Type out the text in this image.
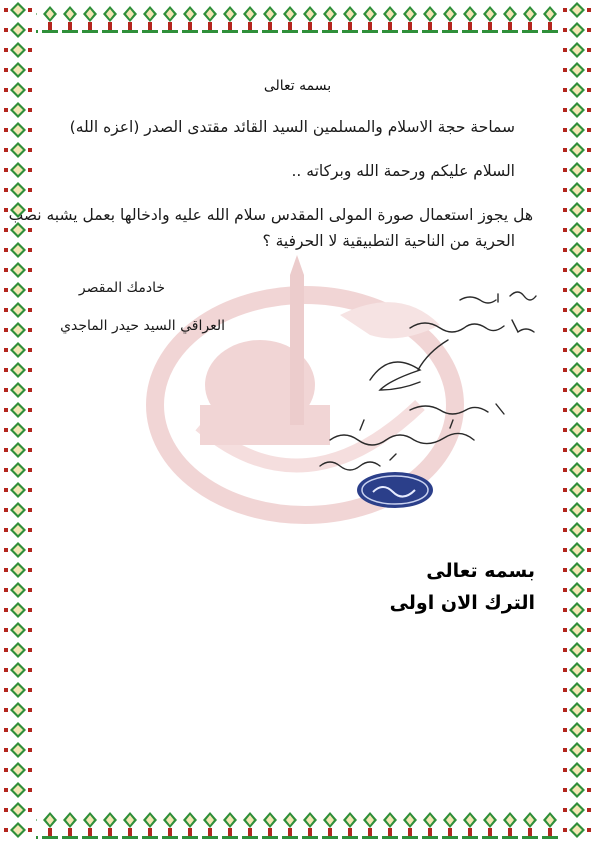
بسمه تعالى
سماحة حجة الاسلام والمسلمين السيد القائد مقتدى الصدر (اعزه الله)
السلام عليكم ورحمة الله وبركاته ..
هل يجوز استعمال صورة المولى المقدس سلام الله عليه وادخالها بعمل يشبه نصب
الحرية من الناحية التطبيقية لا الحرفية ؟
خادمك المقصر
العراقي السيد حيدر الماجدي
بسمه تعالى
الترك الان اولى
